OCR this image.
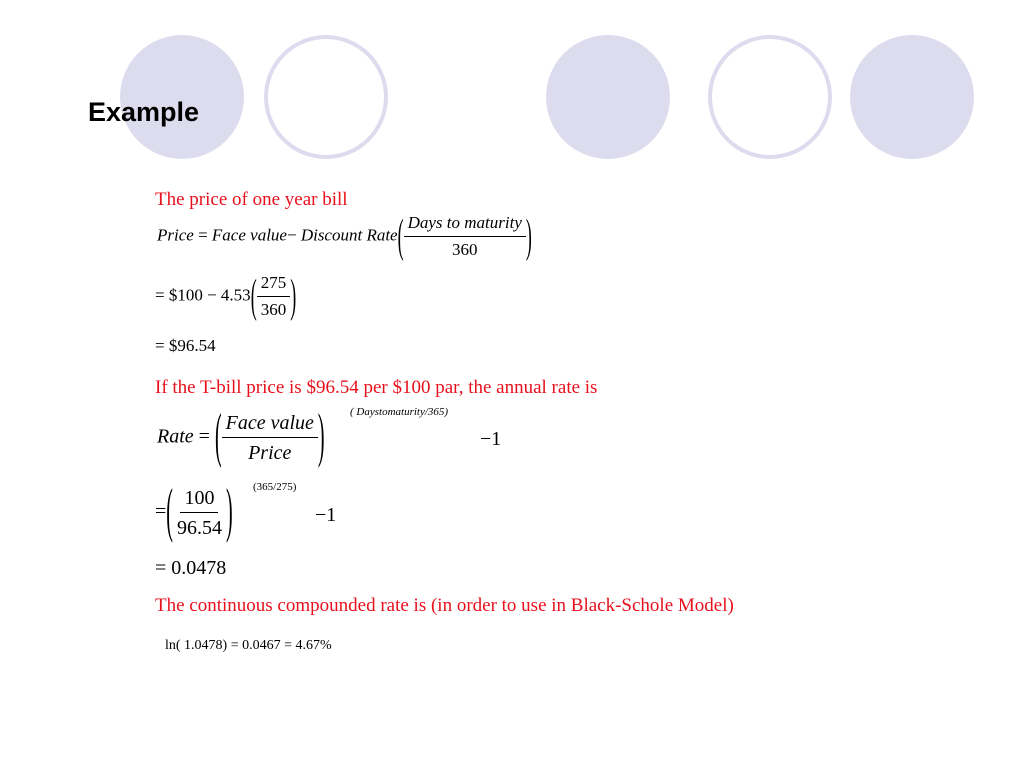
Example
The price of one year bill
Price = Face value− Discount Rate( $\frac{\text{Days to maturity}}{360}$ )
= $100 − $4.53( \frac{275}{360}$ )
= $96.54
If the T-bill price is $96.54 per $100 par, the annual rate is
Rate = ( $\frac{\text{Face value}}{\text{Price}}$ ) ( Daystomaturity/365)
−1
=( $\frac{100}{96.54}$ ) (365/275)
−1
= 0.0478
The continuous compounded rate is (in order to use in Black-Schole Model)
ln( 1.0478) = 0.0467 = 4.67%
